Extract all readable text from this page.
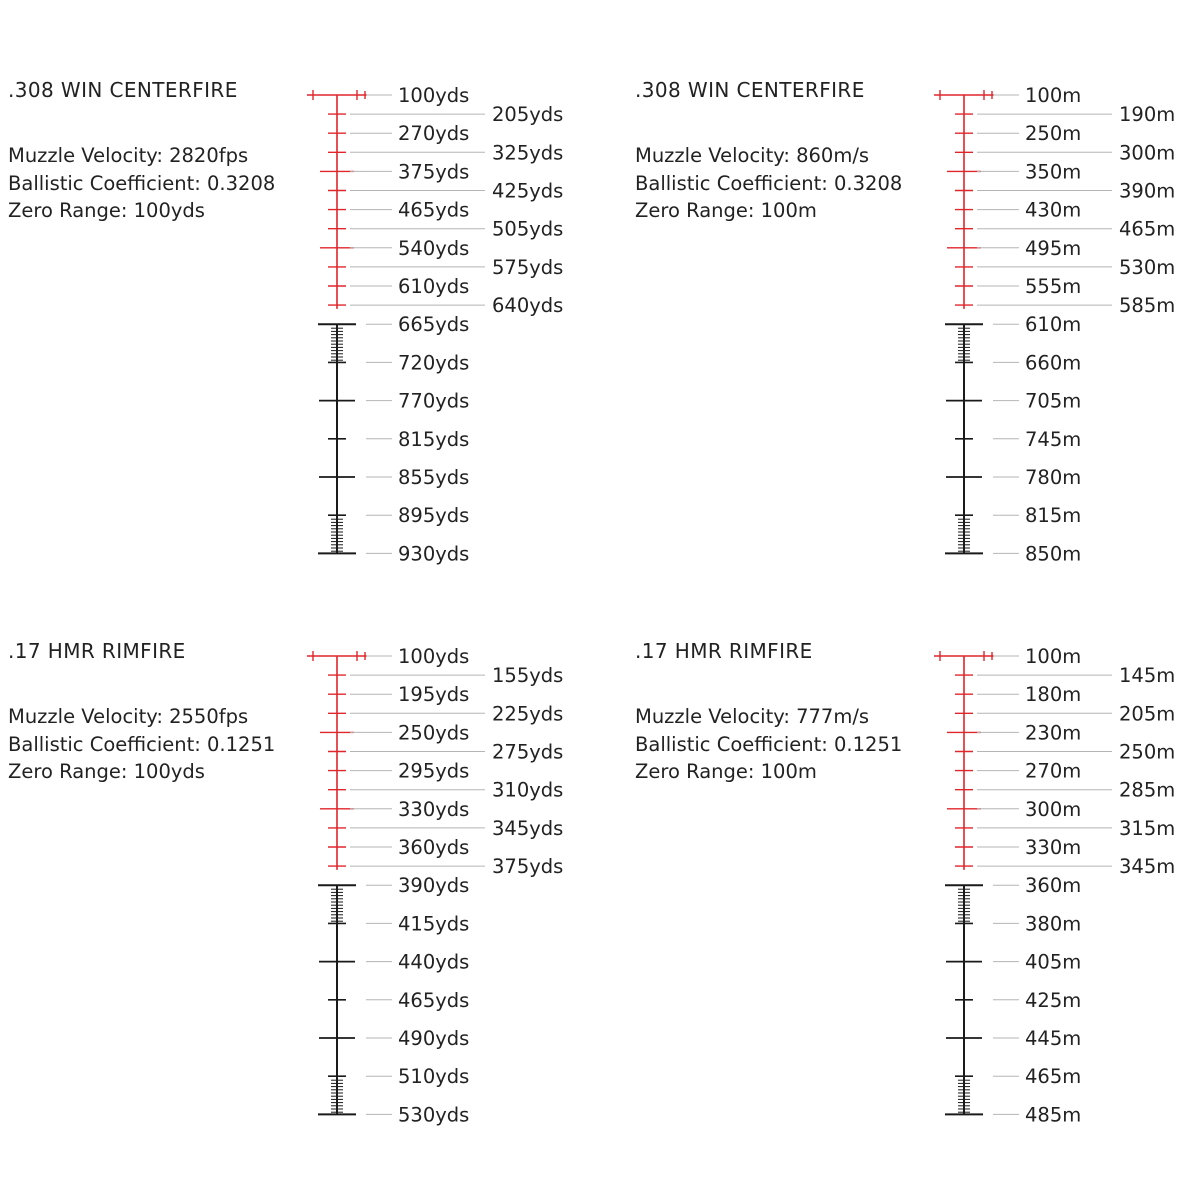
.308 WIN CENTERFIRE
Muzzle Velocity: 2820fps
Ballistic Coefficient: 0.3208
Zero Range: 100yds
100yds
270yds
375yds
465yds
540yds
610yds
665yds
720yds
770yds
815yds
855yds
895yds
930yds
205yds
325yds
425yds
505yds
575yds
640yds
.308 WIN CENTERFIRE
Muzzle Velocity: 860m/s
Ballistic Coefficient: 0.3208
Zero Range: 100m
100m
250m
350m
430m
495m
555m
610m
660m
705m
745m
780m
815m
850m
190m
300m
390m
465m
530m
585m
.17 HMR RIMFIRE
Muzzle Velocity: 2550fps
Ballistic Coefficient: 0.1251
Zero Range: 100yds
100yds
195yds
250yds
295yds
330yds
360yds
390yds
415yds
440yds
465yds
490yds
510yds
530yds
155yds
225yds
275yds
310yds
345yds
375yds
.17 HMR RIMFIRE
Muzzle Velocity: 777m/s
Ballistic Coefficient: 0.1251
Zero Range: 100m
100m
180m
230m
270m
300m
330m
360m
380m
405m
425m
445m
465m
485m
145m
205m
250m
285m
315m
345m
